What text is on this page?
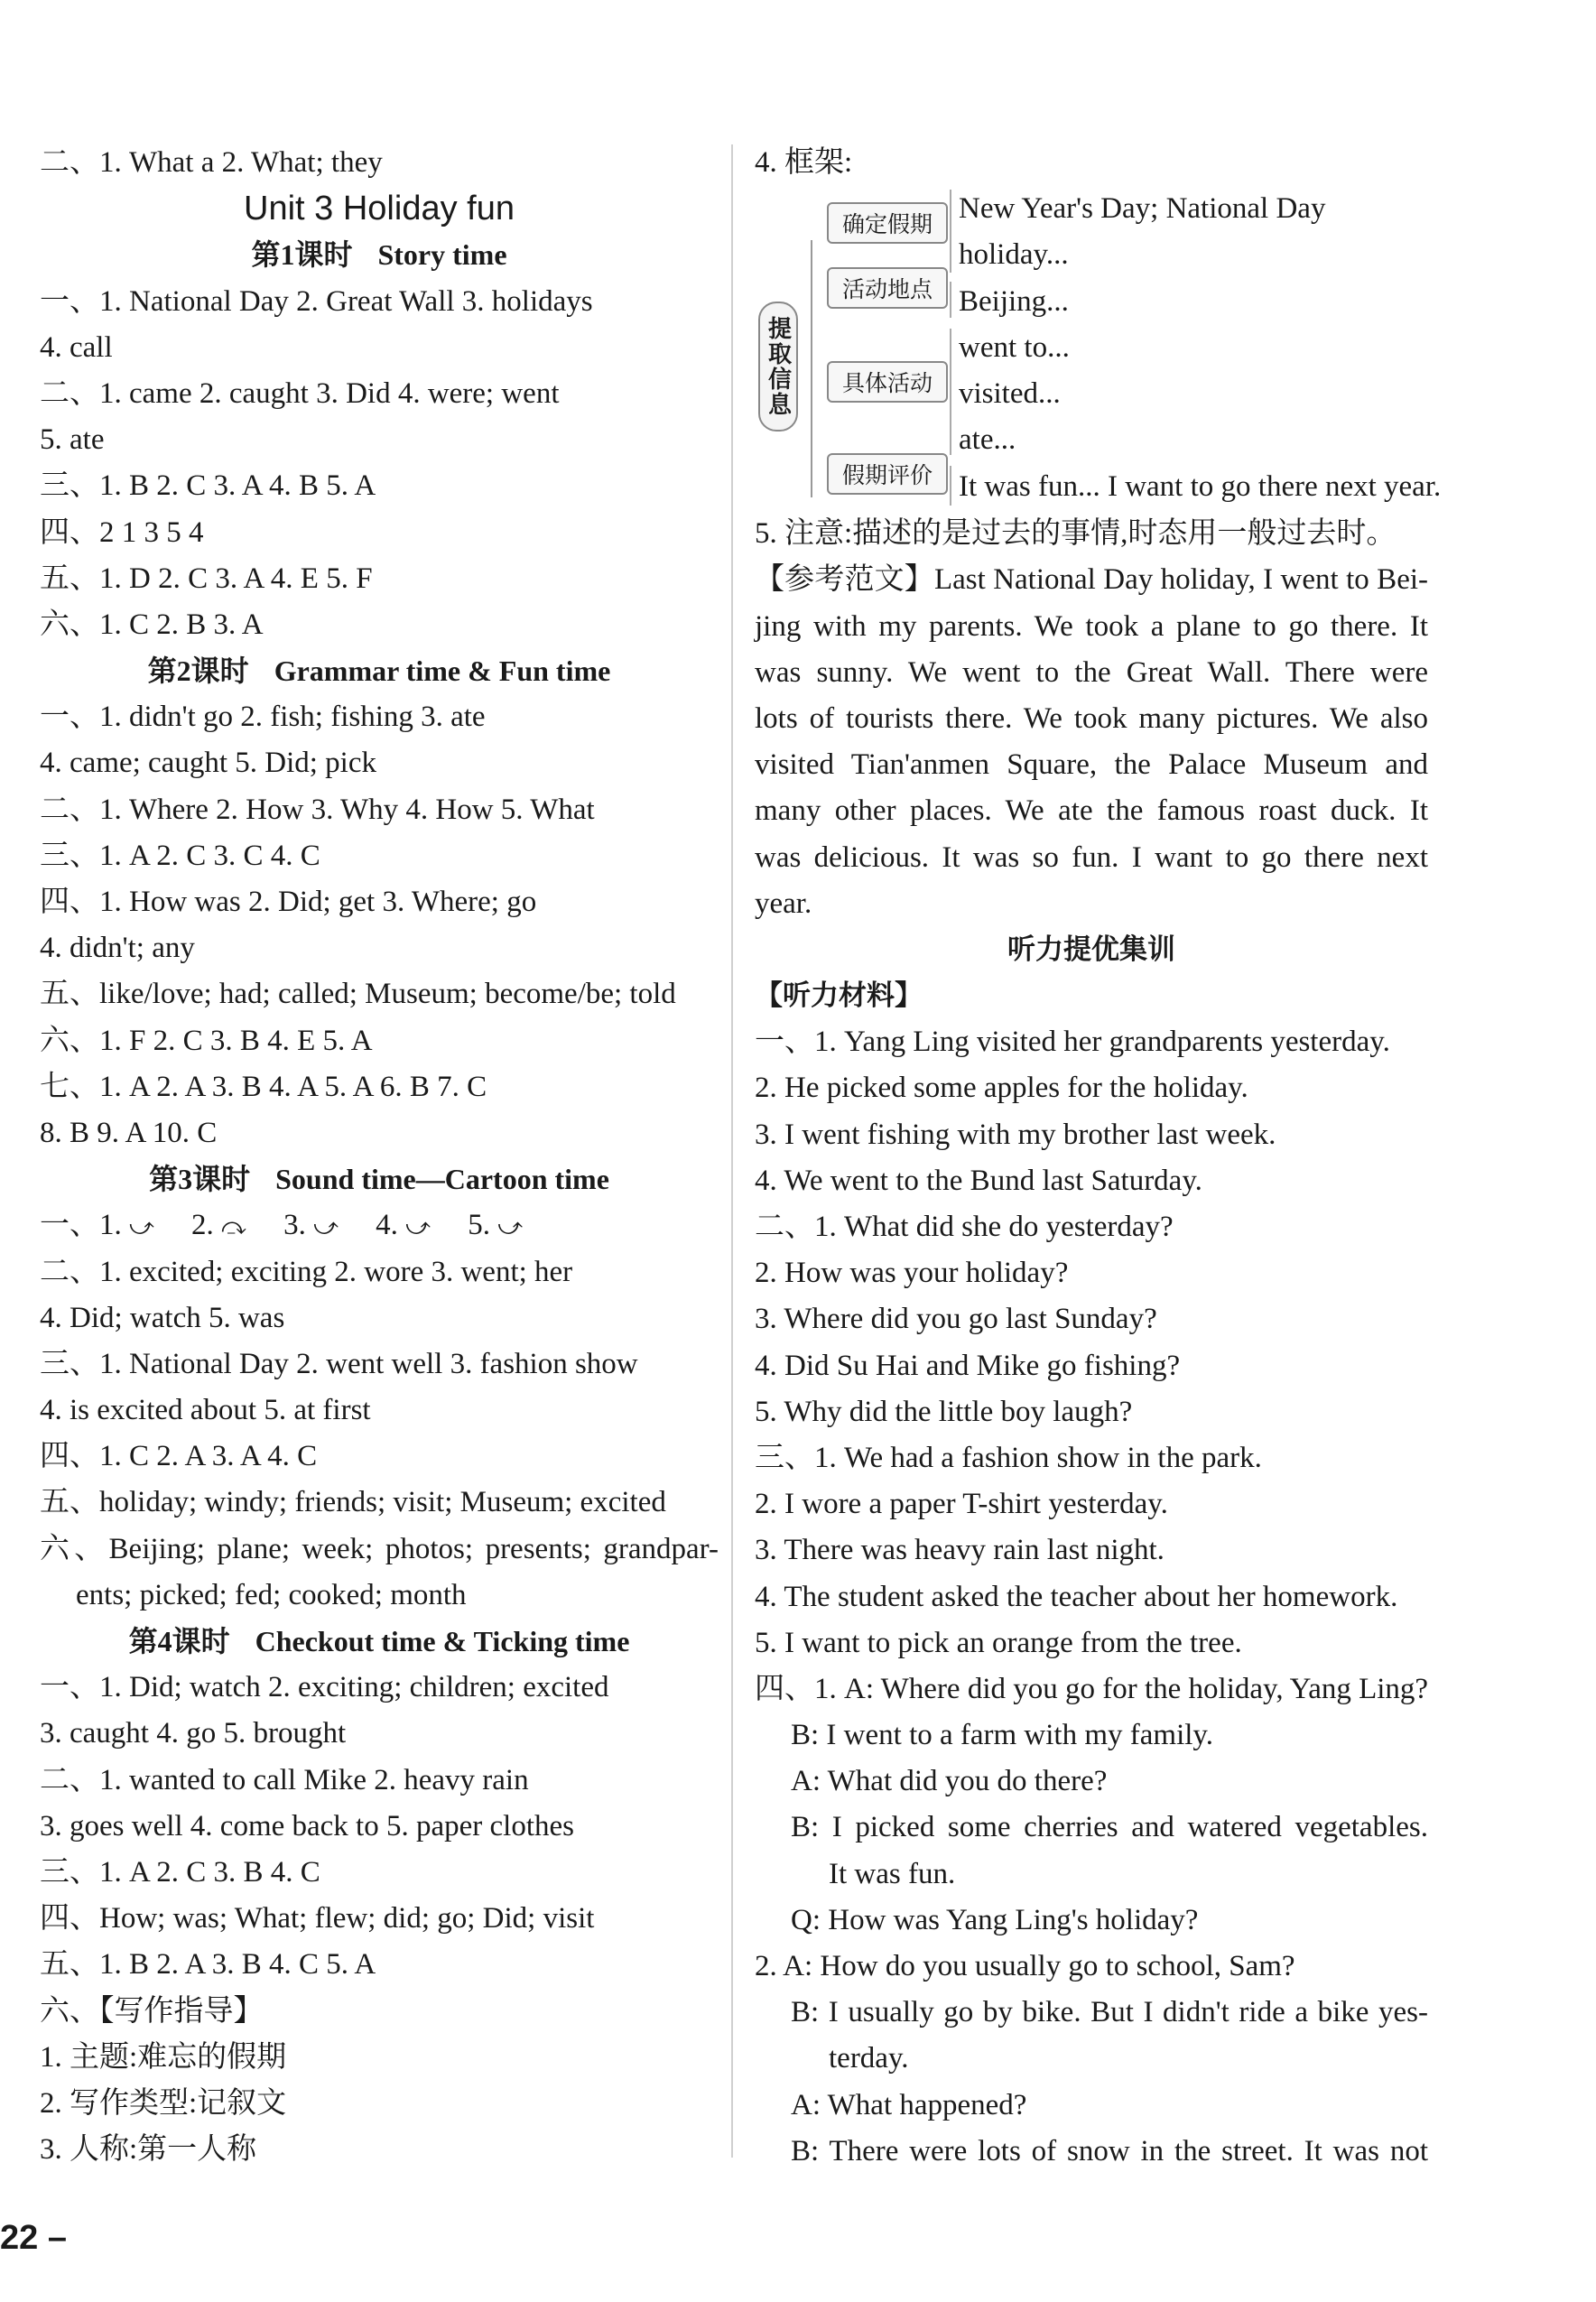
二、1. What a 2. What; they
Unit 3 Holiday fun
第1课时 Story time
一、1. National Day 2. Great Wall 3. holidays
4. call
二、1. came 2. caught 3. Did 4. were; went
5. ate
三、1. B 2. C 3. A 4. B 5. A
四、2 1 3 5 4
五、1. D 2. C 3. A 4. E 5. F
六、1. C 2. B 3. A
第2课时 Grammar time & Fun time
一、1. didn't go 2. fish; fishing 3. ate
4. came; caught 5. Did; pick
二、1. Where 2. How 3. Why 4. How 5. What
三、1. A 2. C 3. C 4. C
四、1. How was 2. Did; get 3. Where; go
4. didn't; any
五、like/love; had; called; Museum; become/be; told
六、1. F 2. C 3. B 4. E 5. A
七、1. A 2. A 3. B 4. A 5. A 6. B 7. C
8. B 9. A 10. C
第3课时 Sound time—Cartoon time
一、1. ⤻ 2. ⤼ 3. ⤻ 4. ⤻ 5. ⤻
二、1. excited; exciting 2. wore 3. went; her
4. Did; watch 5. was
三、1. National Day 2. went well 3. fashion show
4. is excited about 5. at first
四、1. C 2. A 3. A 4. C
五、holiday; windy; friends; visit; Museum; excited
六、Beijing; plane; week; photos; presents; grandpar-
ents; picked; fed; cooked; month
第4课时 Checkout time & Ticking time
一、1. Did; watch 2. exciting; children; excited
3. caught 4. go 5. brought
二、1. wanted to call Mike 2. heavy rain
3. goes well 4. come back to 5. paper clothes
三、1. A 2. C 3. B 4. C
四、How; was; What; flew; did; go; Did; visit
五、1. B 2. A 3. B 4. C 5. A
六、【写作指导】
1. 主题:难忘的假期
2. 写作类型:记叙文
3. 人称:第一人称
4. 框架:
提取信息
确定假期
活动地点
具体活动
假期评价
New Year's Day; National Day
holiday...
Beijing...
went to...
visited...
ate...
It was fun... I want to go there next year.
5. 注意:描述的是过去的事情,时态用一般过去时。
【参考范文】Last National Day holiday, I went to Bei-
jing with my parents. We took a plane to go there. It
was sunny. We went to the Great Wall. There were
lots of tourists there. We took many pictures. We also
visited Tian'anmen Square, the Palace Museum and
many other places. We ate the famous roast duck. It
was delicious. It was so fun. I want to go there next
year.
听力提优集训
【听力材料】
一、1. Yang Ling visited her grandparents yesterday.
2. He picked some apples for the holiday.
3. I went fishing with my brother last week.
4. We went to the Bund last Saturday.
二、1. What did she do yesterday?
2. How was your holiday?
3. Where did you go last Sunday?
4. Did Su Hai and Mike go fishing?
5. Why did the little boy laugh?
三、1. We had a fashion show in the park.
2. I wore a paper T-shirt yesterday.
3. There was heavy rain last night.
4. The student asked the teacher about her homework.
5. I want to pick an orange from the tree.
四、1. A: Where did you go for the holiday, Yang Ling?
B: I went to a farm with my family.
A: What did you do there?
B: I picked some cherries and watered vegetables.
It was fun.
Q: How was Yang Ling's holiday?
2. A: How do you usually go to school, Sam?
B: I usually go by bike. But I didn't ride a bike yes-
terday.
A: What happened?
B: There were lots of snow in the street. It was not
22 –
